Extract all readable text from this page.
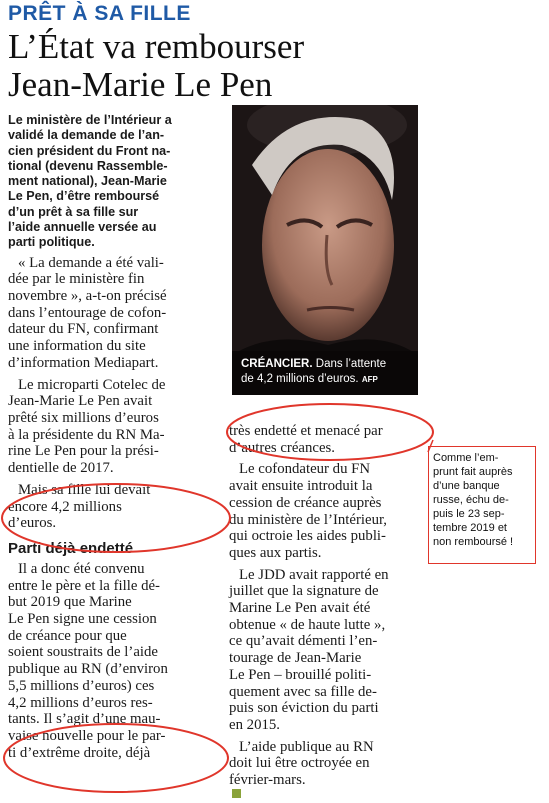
PRÊT À SA FILLE
L’État va rembourser
Jean-Marie Le Pen

Le ministère de l’Intérieur a
validé la demande de l’an-
cien président du Front na-
tional (devenu Rassemble-
ment national), Jean-Marie
Le Pen, d’être remboursé
d’un prêt à sa fille sur
l’aide annuelle versée au
parti politique.

« La demande a été vali-
dée par le ministère fin
novembre », a-t-on précisé
dans l’entourage de cofon-
dateur du FN, confirmant
une information du site
d’information Mediapart.

Le microparti Cotelec de
Jean-Marie Le Pen avait
prêté six millions d’euros
à la présidente du RN Ma-
rine Le Pen pour la prési-
dentielle de 2017.

Mais sa fille lui devait
encore 4,2 millions
d’euros.

Parti déjà endetté

Il a donc été convenu
entre le père et la fille dé-
but 2019 que Marine
Le Pen signe une cession
de créance pour que
soient soustraits de l’aide
publique au RN (d’environ
5,5 millions d’euros) ces
4,2 millions d’euros res-
tants. Il s’agit d’une mau-
vaise nouvelle pour le par-
ti d’extrême droite, déjà

CRÉANCIER. Dans l’attente
de 4,2 millions d’euros. AFP

très endetté et menacé par
d’autres créances.

Le cofondateur du FN
avait ensuite introduit la
cession de créance auprès
du ministère de l’Intérieur,
qui octroie les aides publi-
ques aux partis.

Le JDD avait rapporté en
juillet que la signature de
Marine Le Pen avait été
obtenue « de haute lutte »,
ce qu’avait démenti l’en-
tourage de Jean-Marie
Le Pen – brouillé politi-
quement avec sa fille de-
puis son éviction du parti
en 2015.

L’aide publique au RN
doit lui être octroyée en
février-mars.

Comme l’em-
prunt fait auprès
d’une banque
russe, échu de-
puis le 23 sep-
tembre 2019 et
non remboursé !
